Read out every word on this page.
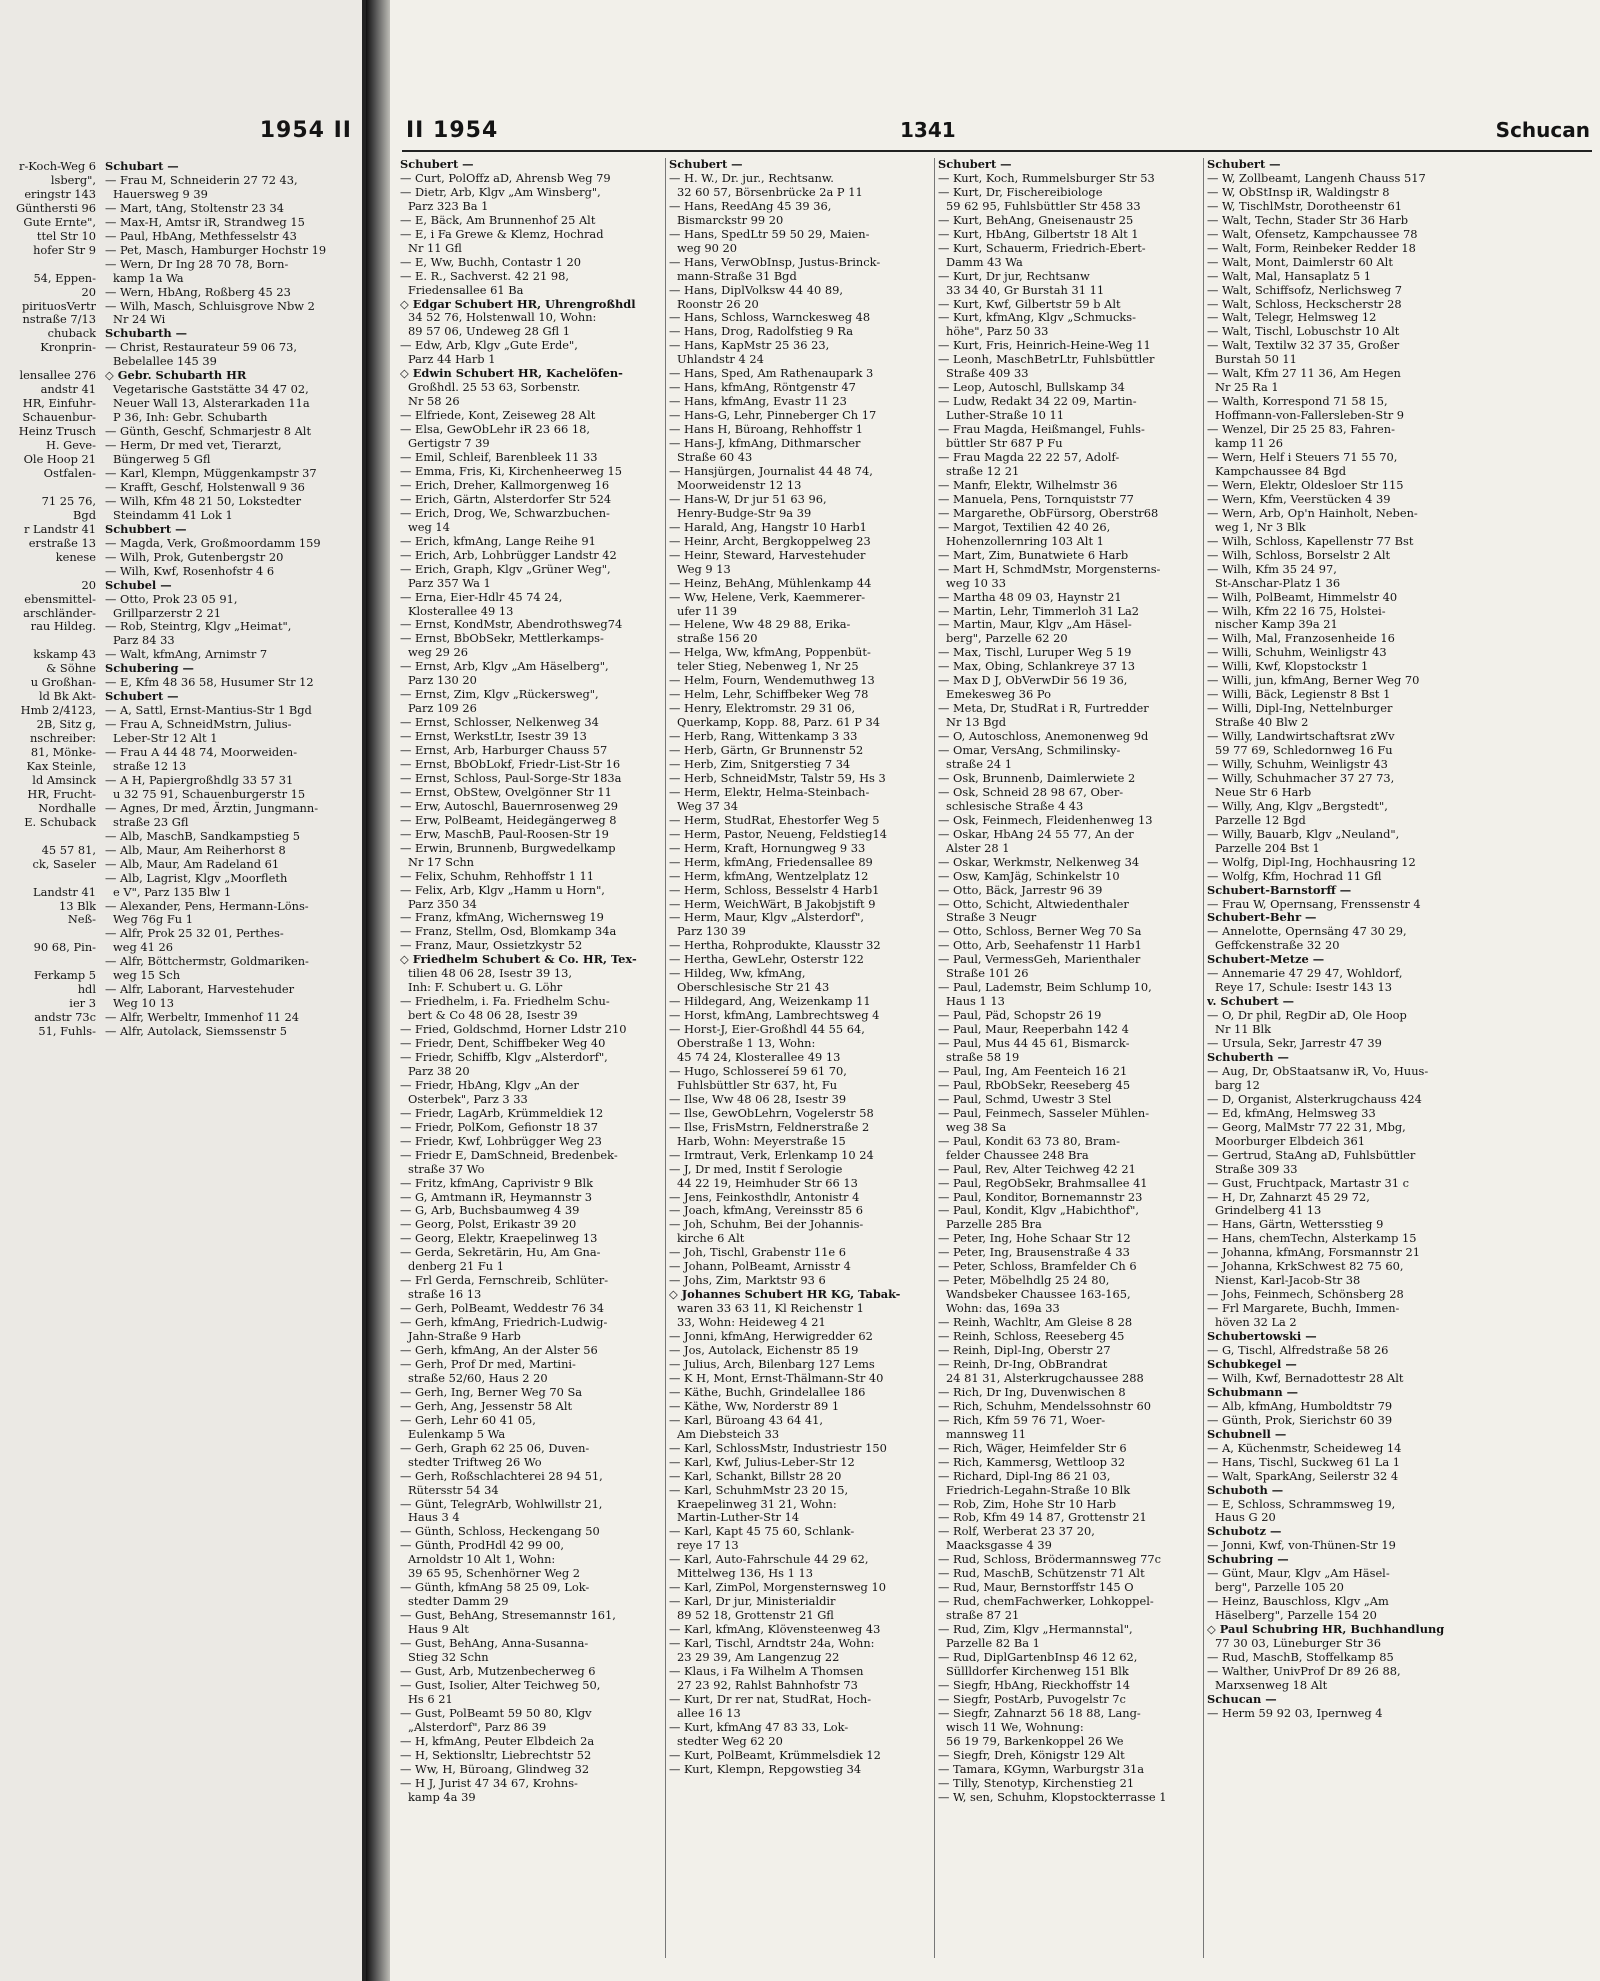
1954 II
r-Koch-Weg 6
lsberg",
eringstr 143
Günthersti 96
Gute Ernte",
ttel Str 10
hofer Str 9

54, Eppen-
20
pirituosVertr
nstraße 7/13
chuback
Kronprin-

lensallee 276
andstr 41
HR, Einfuhr-
Schauenbur-
Heinz Trusch
H. Geve-
Ole Hoop 21
Ostfalen-

71 25 76,
Bgd
r Landstr 41
erstraße 13
kenese

20
ebensmittel-
arschländer-
rau Hildeg.

kskamp 43
& Söhne
u Großhan-
ld Bk Akt-
Hmb 2/4123,
2B, Sitz g,
nschreiber:
81, Mönke-
Kax Steinle,
ld Amsinck
HR, Frucht-
Nordhalle
E. Schuback

45 57 81,
ck, Saseler

Landstr 41
13 Blk
Neß-

90 68, Pin-

Ferkamp 5
hdl
ier 3
andstr 73c
51, Fuhls-
Schubart —
— Frau M, Schneiderin 27 72 43,
Hauersweg 9 39
— Mart, tAng, Stoltenstr 23 34
— Max-H, Amtsr iR, Strandweg 15
— Paul, HbAng, Methfesselstr 43
— Pet, Masch, Hamburger Hochstr 19
— Wern, Dr Ing 28 70 78, Born-
kamp 1a Wa
— Wern, HbAng, Roßberg 45 23
— Wilh, Masch, Schluisgrove Nbw 2
Nr 24 Wi
Schubarth —
— Christ, Restaurateur 59 06 73,
Bebelallee 145 39
◇ Gebr. Schubarth HR
Vegetarische Gaststätte 34 47 02,
Neuer Wall 13, Alsterarkaden 11a
P 36, Inh: Gebr. Schubarth
— Günth, Geschf, Schmarjestr 8 Alt
— Herm, Dr med vet, Tierarzt,
Büngerweg 5 Gfl
— Karl, Klempn, Müggenkampstr 37
— Krafft, Geschf, Holstenwall 9 36
— Wilh, Kfm 48 21 50, Lokstedter
Steindamm 41 Lok 1
Schubbert —
— Magda, Verk, Großmoordamm 159
— Wilh, Prok, Gutenbergstr 20
— Wilh, Kwf, Rosenhofstr 4 6
Schubel —
— Otto, Prok 23 05 91,
Grillparzerstr 2 21
— Rob, Steintrg, Klgv „Heimat",
Parz 84 33
— Walt, kfmAng, Arnimstr 7
Schubering —
— E, Kfm 48 36 58, Husumer Str 12
Schubert —
— A, Sattl, Ernst-Mantius-Str 1 Bgd
— Frau A, SchneidMstrn, Julius-
Leber-Str 12 Alt 1
— Frau A 44 48 74, Moorweiden-
straße 12 13
— A H, Papiergroßhdlg 33 57 31
u 32 75 91, Schauenburgerstr 15
— Agnes, Dr med, Ärztin, Jungmann-
straße 23 Gfl
— Alb, MaschB, Sandkampstieg 5
— Alb, Maur, Am Reiherhorst 8
— Alb, Maur, Am Radeland 61
— Alb, Lagrist, Klgv „Moorfleth
e V", Parz 135 Blw 1
— Alexander, Pens, Hermann-Löns-
Weg 76g Fu 1
— Alfr, Prok 25 32 01, Perthes-
weg 41 26
— Alfr, Böttchermstr, Goldmariken-
weg 15 Sch
— Alfr, Laborant, Harvestehuder
Weg 10 13
— Alfr, Werbeltr, Immenhof 11 24
— Alfr, Autolack, Siemssenstr 5
II 1954	1341	Schucan
Schubert —
— Curt, PolOffz aD, Ahrensb Weg 79
— Dietr, Arb, Klgv „Am Winsberg",
Parz 323 Ba 1
— E, Bäck, Am Brunnenhof 25 Alt
— E, i Fa Grewe & Klemz, Hochrad
Nr 11 Gfl
— E, Ww, Buchh, Contastr 1 20
— E. R., Sachverst. 42 21 98,
Friedensallee 61 Ba
◇ Edgar Schubert HR, Uhrengroßhdl
34 52 76, Holstenwall 10, Wohn:
89 57 06, Undeweg 28 Gfl 1
— Edw, Arb, Klgv „Gute Erde",
Parz 44 Harb 1
◇ Edwin Schubert HR, Kachelöfen-
Großhdl. 25 53 63, Sorbenstr.
Nr 58 26
— Elfriede, Kont, Zeiseweg 28 Alt
— Elsa, GewObLehr iR 23 66 18,
Gertigstr 7 39
— Emil, Schleif, Barenbleek 11 33
— Emma, Fris, Ki, Kirchenheerweg 15
— Erich, Dreher, Kallmorgenweg 16
— Erich, Gärtn, Alsterdorfer Str 524
— Erich, Drog, We, Schwarzbuchen-
weg 14
— Erich, kfmAng, Lange Reihe 91
— Erich, Arb, Lohbrügger Landstr 42
— Erich, Graph, Klgv „Grüner Weg",
Parz 357 Wa 1
— Erna, Eier-Hdlr 45 74 24,
Klosterallee 49 13
— Ernst, KondMstr, Abendrothsweg74
— Ernst, BbObSekr, Mettlerkamps-
weg 29 26
— Ernst, Arb, Klgv „Am Häselberg",
Parz 130 20
— Ernst, Zim, Klgv „Rückersweg",
Parz 109 26
— Ernst, Schlosser, Nelkenweg 34
— Ernst, WerkstLtr, Isestr 39 13
— Ernst, Arb, Harburger Chauss 57
— Ernst, BbObLokf, Friedr-List-Str 16
— Ernst, Schloss, Paul-Sorge-Str 183a
— Ernst, ObStew, Ovelgönner Str 11
— Erw, Autoschl, Bauernrosenweg 29
— Erw, PolBeamt, Heidegängerweg 8
— Erw, MaschB, Paul-Roosen-Str 19
— Erwin, Brunnenb, Burgwedelkamp
Nr 17 Schn
— Felix, Schuhm, Rehhoffstr 1 11
— Felix, Arb, Klgv „Hamm u Horn",
Parz 350 34
— Franz, kfmAng, Wichernsweg 19
— Franz, Stellm, Osd, Blomkamp 34a
— Franz, Maur, Ossietzkystr 52
◇ Friedhelm Schubert & Co. HR, Tex-
tilien 48 06 28, Isestr 39 13,
Inh: F. Schubert u. G. Löhr
— Friedhelm, i. Fa. Friedhelm Schu-
bert & Co 48 06 28, Isestr 39
— Fried, Goldschmd, Horner Ldstr 210
— Friedr, Dent, Schiffbeker Weg 40
— Friedr, Schiffb, Klgv „Alsterdorf",
Parz 38 20
— Friedr, HbAng, Klgv „An der
Osterbek", Parz 3 33
— Friedr, LagArb, Krümmeldiek 12
— Friedr, PolKom, Gefionstr 18 37
— Friedr, Kwf, Lohbrügger Weg 23
— Friedr E, DamSchneid, Bredenbek-
straße 37 Wo
— Fritz, kfmAng, Caprivistr 9 Blk
— G, Amtmann iR, Heymannstr 3
— G, Arb, Buchsbaumweg 4 39
— Georg, Polst, Erikastr 39 20
— Georg, Elektr, Kraepelinweg 13
— Gerda, Sekretärin, Hu, Am Gna-
denberg 21 Fu 1
— Frl Gerda, Fernschreib, Schlüter-
straße 16 13
— Gerh, PolBeamt, Weddestr 76 34
— Gerh, kfmAng, Friedrich-Ludwig-
Jahn-Straße 9 Harb
— Gerh, kfmAng, An der Alster 56
— Gerh, Prof Dr med, Martini-
straße 52/60, Haus 2 20
— Gerh, Ing, Berner Weg 70 Sa
— Gerh, Ang, Jessenstr 58 Alt
— Gerh, Lehr 60 41 05,
Eulenkamp 5 Wa
— Gerh, Graph 62 25 06, Duven-
stedter Triftweg 26 Wo
— Gerh, Roßschlachterei 28 94 51,
Rütersstr 54 34
— Günt, TelegrArb, Wohlwillstr 21,
Haus 3 4
— Günth, Schloss, Heckengang 50
— Günth, ProdHdl 42 99 00,
Arnoldstr 10 Alt 1, Wohn:
39 65 95, Schenhörner Weg 2
— Günth, kfmAng 58 25 09, Lok-
stedter Damm 29
— Gust, BehAng, Stresemannstr 161,
Haus 9 Alt
— Gust, BehAng, Anna-Susanna-
Stieg 32 Schn
— Gust, Arb, Mutzenbecherweg 6
— Gust, Isolier, Alter Teichweg 50,
Hs 6 21
— Gust, PolBeamt 59 50 80, Klgv
„Alsterdorf", Parz 86 39
— H, kfmAng, Peuter Elbdeich 2a
— H, Sektionsltr, Liebrechtstr 52
— Ww, H, Büroang, Glindweg 32
— H J, Jurist 47 34 67, Krohns-
kamp 4a 39
Schubert —
— H. W., Dr. jur., Rechtsanw.
32 60 57, Börsenbrücke 2a P 11
— Hans, ReedAng 45 39 36,
Bismarckstr 99 20
— Hans, SpedLtr 59 50 29, Maien-
weg 90 20
— Hans, VerwObInsp, Justus-Brinck-
mann-Straße 31 Bgd
— Hans, DiplVolksw 44 40 89,
Roonstr 26 20
— Hans, Schloss, Warnckesweg 48
— Hans, Drog, Radolfstieg 9 Ra
— Hans, KapMstr 25 36 23,
Uhlandstr 4 24
— Hans, Sped, Am Rathenaupark 3
— Hans, kfmAng, Röntgenstr 47
— Hans, kfmAng, Evastr 11 23
— Hans-G, Lehr, Pinneberger Ch 17
— Hans H, Büroang, Rehhoffstr 1
— Hans-J, kfmAng, Dithmarscher
Straße 60 43
— Hansjürgen, Journalist 44 48 74,
Moorweidenstr 12 13
— Hans-W, Dr jur 51 63 96,
Henry-Budge-Str 9a 39
— Harald, Ang, Hangstr 10 Harb1
— Heinr, Archt, Bergkoppelweg 23
— Heinr, Steward, Harvestehuder
Weg 9 13
— Heinz, BehAng, Mühlenkamp 44
— Ww, Helene, Verk, Kaemmerer-
ufer 11 39
— Helene, Ww 48 29 88, Erika-
straße 156 20
— Helga, Ww, kfmAng, Poppenbüt-
teler Stieg, Nebenweg 1, Nr 25
— Helm, Fourn, Wendemuthweg 13
— Helm, Lehr, Schiffbeker Weg 78
— Henry, Elektromstr. 29 31 06,
Querkamp, Kopp. 88, Parz. 61 P 34
— Herb, Rang, Wittenkamp 3 33
— Herb, Gärtn, Gr Brunnenstr 52
— Herb, Zim, Snitgerstieg 7 34
— Herb, SchneidMstr, Talstr 59, Hs 3
— Herm, Elektr, Helma-Steinbach-
Weg 37 34
— Herm, StudRat, Ehestorfer Weg 5
— Herm, Pastor, Neueng, Feldstieg14
— Herm, Kraft, Hornungweg 9 33
— Herm, kfmAng, Friedensallee 89
— Herm, kfmAng, Wentzelplatz 12
— Herm, Schloss, Besselstr 4 Harb1
— Herm, WeichWärt, B Jakobjstift 9
— Herm, Maur, Klgv „Alsterdorf",
Parz 130 39
— Hertha, Rohprodukte, Klausstr 32
— Hertha, GewLehr, Osterstr 122
— Hildeg, Ww, kfmAng,
Oberschlesische Str 21 43
— Hildegard, Ang, Weizenkamp 11
— Horst, kfmAng, Lambrechtsweg 4
— Horst-J, Eier-Großhdl 44 55 64,
Oberstraße 1 13, Wohn:
45 74 24, Klosterallee 49 13
— Hugo, Schlossereí 59 61 70,
Fuhlsbüttler Str 637, ht, Fu
— Ilse, Ww 48 06 28, Isestr 39
— Ilse, GewObLehrn, Vogelerstr 58
— Ilse, FrisMstrn, Feldnerstraße 2
Harb, Wohn: Meyerstraße 15
— Irmtraut, Verk, Erlenkamp 10 24
— J, Dr med, Instit f Serologie
44 22 19, Heimhuder Str 66 13
— Jens, Feinkosthdlr, Antonistr 4
— Joach, kfmAng, Vereinsstr 85 6
— Joh, Schuhm, Bei der Johannis-
kirche 6 Alt
— Joh, Tischl, Grabenstr 11e 6
— Johann, PolBeamt, Arnisstr 4
— Johs, Zim, Marktstr 93 6
◇ Johannes Schubert HR KG, Tabak-
waren 33 63 11, Kl Reichenstr 1
33, Wohn: Heideweg 4 21
— Jonni, kfmAng, Herwigredder 62
— Jos, Autolack, Eichenstr 85 19
— Julius, Arch, Bilenbarg 127 Lems
— K H, Mont, Ernst-Thälmann-Str 40
— Käthe, Buchh, Grindelallee 186
— Käthe, Ww, Norderstr 89 1
— Karl, Büroang 43 64 41,
Am Diebsteich 33
— Karl, SchlossMstr, Industriestr 150
— Karl, Kwf, Julius-Leber-Str 12
— Karl, Schankt, Billstr 28 20
— Karl, SchuhmMstr 23 20 15,
Kraepelinweg 31 21, Wohn:
Martin-Luther-Str 14
— Karl, Kapt 45 75 60, Schlank-
reye 17 13
— Karl, Auto-Fahrschule 44 29 62,
Mittelweg 136, Hs 1 13
— Karl, ZimPol, Morgensternsweg 10
— Karl, Dr jur, Ministerialdir
89 52 18, Grottenstr 21 Gfl
— Karl, kfmAng, Klövensteenweg 43
— Karl, Tischl, Arndtstr 24a, Wohn:
23 29 39, Am Langenzug 22
— Klaus, i Fa Wilhelm A Thomsen
27 23 92, Rahlst Bahnhofstr 73
— Kurt, Dr rer nat, StudRat, Hoch-
allee 16 13
— Kurt, kfmAng 47 83 33, Lok-
stedter Weg 62 20
— Kurt, PolBeamt, Krümmelsdiek 12
— Kurt, Klempn, Repgowstieg 34
Schubert —
— Kurt, Koch, Rummelsburger Str 53
— Kurt, Dr, Fischereibiologe
59 62 95, Fuhlsbüttler Str 458 33
— Kurt, BehAng, Gneisenaustr 25
— Kurt, HbAng, Gilbertstr 18 Alt 1
— Kurt, Schauerm, Friedrich-Ebert-
Damm 43 Wa
— Kurt, Dr jur, Rechtsanw
33 34 40, Gr Burstah 31 11
— Kurt, Kwf, Gilbertstr 59 b Alt
— Kurt, kfmAng, Klgv „Schmucks-
höhe", Parz 50 33
— Kurt, Fris, Heinrich-Heine-Weg 11
— Leonh, MaschBetrLtr, Fuhlsbüttler
Straße 409 33
— Leop, Autoschl, Bullskamp 34
— Ludw, Redakt 34 22 09, Martin-
Luther-Straße 10 11
— Frau Magda, Heißmangel, Fuhls-
büttler Str 687 P Fu
— Frau Magda 22 22 57, Adolf-
straße 12 21
— Manfr, Elektr, Wilhelmstr 36
— Manuela, Pens, Tornquiststr 77
— Margarethe, ObFürsorg, Oberstr68
— Margot, Textilien 42 40 26,
Hohenzollernring 103 Alt 1
— Mart, Zim, Bunatwiete 6 Harb
— Mart H, SchmdMstr, Morgensterns-
weg 10 33
— Martha 48 09 03, Haynstr 21
— Martin, Lehr, Timmerloh 31 La2
— Martin, Maur, Klgv „Am Häsel-
berg", Parzelle 62 20
— Max, Tischl, Luruper Weg 5 19
— Max, Obing, Schlankreye 37 13
— Max D J, ObVerwDir 56 19 36,
Emekesweg 36 Po
— Meta, Dr, StudRat i R, Furtredder
Nr 13 Bgd
— O, Autoschloss, Anemonenweg 9d
— Omar, VersAng, Schmilinsky-
straße 24 1
— Osk, Brunnenb, Daimlerwiete 2
— Osk, Schneid 28 98 67, Ober-
schlesische Straße 4 43
— Osk, Feinmech, Fleidenhenweg 13
— Oskar, HbAng 24 55 77, An der
Alster 28 1
— Oskar, Werkmstr, Nelkenweg 34
— Osw, KamJäg, Schinkelstr 10
— Otto, Bäck, Jarrestr 96 39
— Otto, Schicht, Altwiedenthaler
Straße 3 Neugr
— Otto, Schloss, Berner Weg 70 Sa
— Otto, Arb, Seehafenstr 11 Harb1
— Paul, VermessGeh, Marienthaler
Straße 101 26
— Paul, Lademstr, Beim Schlump 10,
Haus 1 13
— Paul, Päd, Schopstr 26 19
— Paul, Maur, Reeperbahn 142 4
— Paul, Mus 44 45 61, Bismarck-
straße 58 19
— Paul, Ing, Am Feenteich 16 21
— Paul, RbObSekr, Reeseberg 45
— Paul, Schmd, Uwestr 3 Stel
— Paul, Feinmech, Sasseler Mühlen-
weg 38 Sa
— Paul, Kondit 63 73 80, Bram-
felder Chaussee 248 Bra
— Paul, Rev, Alter Teichweg 42 21
— Paul, RegObSekr, Brahmsallee 41
— Paul, Konditor, Bornemannstr 23
— Paul, Kondit, Klgv „Habichthof",
Parzelle 285 Bra
— Peter, Ing, Hohe Schaar Str 12
— Peter, Ing, Brausenstraße 4 33
— Peter, Schloss, Bramfelder Ch 6
— Peter, Möbelhdlg 25 24 80,
Wandsbeker Chaussee 163-165,
Wohn: das, 169a 33
— Reinh, Wachltr, Am Gleise 8 28
— Reinh, Schloss, Reeseberg 45
— Reinh, Dipl-Ing, Oberstr 27
— Reinh, Dr-Ing, ObBrandrat
24 81 31, Alsterkrugchaussee 288
— Rich, Dr Ing, Duvenwischen 8
— Rich, Schuhm, Mendelssohnstr 60
— Rich, Kfm 59 76 71, Woer-
mannsweg 11
— Rich, Wäger, Heimfelder Str 6
— Rich, Kammersg, Wettloop 32
— Richard, Dipl-Ing 86 21 03,
Friedrich-Legahn-Straße 10 Blk
— Rob, Zim, Hohe Str 10 Harb
— Rob, Kfm 49 14 87, Grottenstr 21
— Rolf, Werberat 23 37 20,
Maacksgasse 4 39
— Rud, Schloss, Brödermannsweg 77c
— Rud, MaschB, Schützenstr 71 Alt
— Rud, Maur, Bernstorffstr 145 O
— Rud, chemFachwerker, Lohkoppel-
straße 87 21
— Rud, Zim, Klgv „Hermannstal",
Parzelle 82 Ba 1
— Rud, DiplGartenbInsp 46 12 62,
Süllldorfer Kirchenweg 151 Blk
— Siegfr, HbAng, Rieckhoffstr 14
— Siegfr, PostArb, Puvogelstr 7c
— Siegfr, Zahnarzt 56 18 88, Lang-
wisch 11 We, Wohnung:
56 19 79, Barkenkoppel 26 We
— Siegfr, Dreh, Königstr 129 Alt
— Tamara, KGymn, Warburgstr 31a
— Tilly, Stenotyp, Kirchenstieg 21
— W, sen, Schuhm, Klopstockterrasse 1
Schubert —
— W, Zollbeamt, Langenh Chauss 517
— W, ObStInsp iR, Waldingstr 8
— W, TischlMstr, Dorotheenstr 61
— Walt, Techn, Stader Str 36 Harb
— Walt, Ofensetz, Kampchaussee 78
— Walt, Form, Reinbeker Redder 18
— Walt, Mont, Daimlerstr 60 Alt
— Walt, Mal, Hansaplatz 5 1
— Walt, Schiffsofz, Nerlichsweg 7
— Walt, Schloss, Heckscherstr 28
— Walt, Telegr, Helmsweg 12
— Walt, Tischl, Lobuschstr 10 Alt
— Walt, Textilw 32 37 35, Großer
Burstah 50 11
— Walt, Kfm 27 11 36, Am Hegen
Nr 25 Ra 1
— Walth, Korrespond 71 58 15,
Hoffmann-von-Fallersleben-Str 9
— Wenzel, Dir 25 25 83, Fahren-
kamp 11 26
— Wern, Helf i Steuers 71 55 70,
Kampchaussee 84 Bgd
— Wern, Elektr, Oldesloer Str 115
— Wern, Kfm, Veerstücken 4 39
— Wern, Arb, Op'n Hainholt, Neben-
weg 1, Nr 3 Blk
— Wilh, Schloss, Kapellenstr 77 Bst
— Wilh, Schloss, Borselstr 2 Alt
— Wilh, Kfm 35 24 97,
St-Anschar-Platz 1 36
— Wilh, PolBeamt, Himmelstr 40
— Wilh, Kfm 22 16 75, Holstei-
nischer Kamp 39a 21
— Wilh, Mal, Franzosenheide 16
— Willi, Schuhm, Weinligstr 43
— Willi, Kwf, Klopstockstr 1
— Willi, jun, kfmAng, Berner Weg 70
— Willi, Bäck, Legienstr 8 Bst 1
— Willi, Dipl-Ing, Nettelnburger
Straße 40 Blw 2
— Willy, Landwirtschaftsrat zWv
59 77 69, Schledornweg 16 Fu
— Willy, Schuhm, Weinligstr 43
— Willy, Schuhmacher 37 27 73,
Neue Str 6 Harb
— Willy, Ang, Klgv „Bergstedt",
Parzelle 12 Bgd
— Willy, Bauarb, Klgv „Neuland",
Parzelle 204 Bst 1
— Wolfg, Dipl-Ing, Hochhausring 12
— Wolfg, Kfm, Hochrad 11 Gfl
Schubert-Barnstorff —
— Frau W, Opernsang, Frenssenstr 4
Schubert-Behr —
— Annelotte, Opernsäng 47 30 29,
Geffckenstraße 32 20
Schubert-Metze —
— Annemarie 47 29 47, Wohldorf,
Reye 17, Schule: Isestr 143 13
v. Schubert —
— O, Dr phil, RegDir aD, Ole Hoop
Nr 11 Blk
— Ursula, Sekr, Jarrestr 47 39
Schuberth —
— Aug, Dr, ObStaatsanw iR, Vo, Huus-
barg 12
— D, Organist, Alsterkrugchauss 424
— Ed, kfmAng, Helmsweg 33
— Georg, MalMstr 77 22 31, Mbg,
Moorburger Elbdeich 361
— Gertrud, StaAng aD, Fuhlsbüttler
Straße 309 33
— Gust, Fruchtpack, Martastr 31 c
— H, Dr, Zahnarzt 45 29 72,
Grindelberg 41 13
— Hans, Gärtn, Wettersstieg 9
— Hans, chemTechn, Alsterkamp 15
— Johanna, kfmAng, Forsmannstr 21
— Johanna, KrkSchwest 82 75 60,
Nienst, Karl-Jacob-Str 38
— Johs, Feinmech, Schönsberg 28
— Frl Margarete, Buchh, Immen-
höven 32 La 2
Schubertowski —
— G, Tischl, Alfredstraße 58 26
Schubkegel —
— Wilh, Kwf, Bernadottestr 28 Alt
Schubmann —
— Alb, kfmAng, Humboldtstr 79
— Günth, Prok, Sierichstr 60 39
Schubnell —
— A, Küchenmstr, Scheideweg 14
— Hans, Tischl, Suckweg 61 La 1
— Walt, SparkAng, Seilerstr 32 4
Schuboth —
— E, Schloss, Schrammsweg 19,
Haus G 20
Schubotz —
— Jonni, Kwf, von-Thünen-Str 19
Schubring —
— Günt, Maur, Klgv „Am Häsel-
berg", Parzelle 105 20
— Heinz, Bauschloss, Klgv „Am
Häselberg", Parzelle 154 20
◇ Paul Schubring HR, Buchhandlung
77 30 03, Lüneburger Str 36
— Rud, MaschB, Stoffelkamp 85
— Walther, UnivProf Dr 89 26 88,
Marxsenweg 18 Alt
Schucan —
— Herm 59 92 03, Ipernweg 4
